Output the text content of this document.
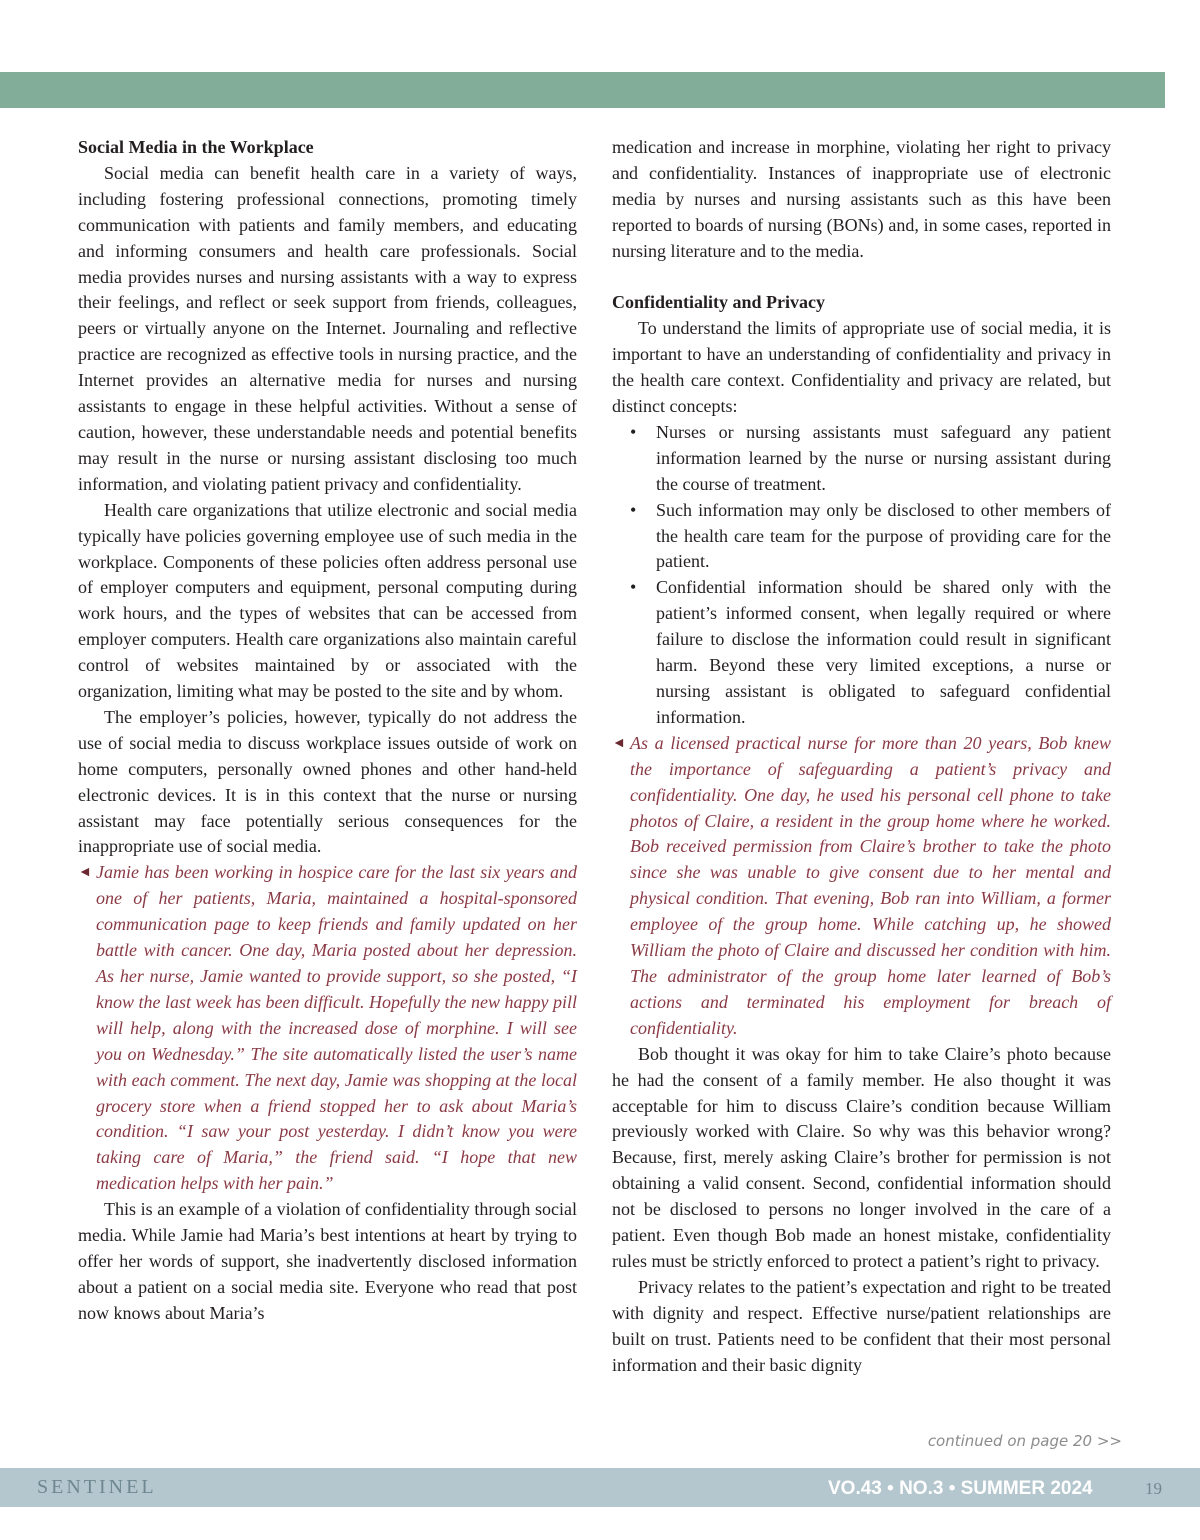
Social Media in the Workplace

Social media can benefit health care in a variety of ways, including fostering professional connections, promoting timely communication with patients and family members, and educating and informing consumers and health care professionals. Social media provides nurses and nursing assistants with a way to express their feelings, and reflect or seek support from friends, colleagues, peers or virtually anyone on the Internet. Journaling and reflective practice are recognized as effective tools in nursing practice, and the Internet provides an alternative media for nurses and nursing assistants to engage in these helpful activities. Without a sense of caution, however, these understandable needs and potential benefits may result in the nurse or nursing assistant disclosing too much information, and violating patient privacy and confidentiality.

Health care organizations that utilize electronic and social media typically have policies governing employee use of such media in the workplace. Components of these policies often address personal use of employer computers and equipment, personal computing during work hours, and the types of websites that can be accessed from employer computers. Health care organizations also maintain careful control of websites maintained by or associated with the organization, limiting what may be posted to the site and by whom.

The employer’s policies, however, typically do not address the use of social media to discuss workplace issues outside of work on home computers, personally owned phones and other hand-held electronic devices. It is in this context that the nurse or nursing assistant may face potentially serious consequences for the inappropriate use of social media.

◄ Jamie has been working in hospice care for the last six years and one of her patients, Maria, maintained a hospital-sponsored communication page to keep friends and family updated on her battle with cancer. One day, Maria posted about her depression. As her nurse, Jamie wanted to provide support, so she posted, “I know the last week has been difficult. Hopefully the new happy pill will help, along with the increased dose of morphine. I will see you on Wednesday.” The site automatically listed the user’s name with each comment. The next day, Jamie was shopping at the local grocery store when a friend stopped her to ask about Maria’s condition. “I saw your post yesterday. I didn’t know you were taking care of Maria,” the friend said. “I hope that new medication helps with her pain.”

This is an example of a violation of confidentiality through social media. While Jamie had Maria’s best intentions at heart by trying to offer her words of support, she inadvertently disclosed information about a patient on a social media site. Everyone who read that post now knows about Maria’s

medication and increase in morphine, violating her right to privacy and confidentiality. Instances of inappropriate use of electronic media by nurses and nursing assistants such as this have been reported to boards of nursing (BONs) and, in some cases, reported in nursing literature and to the media.

Confidentiality and Privacy

To understand the limits of appropriate use of social media, it is important to have an understanding of confidentiality and privacy in the health care context. Confidentiality and privacy are related, but distinct concepts:

• Nurses or nursing assistants must safeguard any patient information learned by the nurse or nursing assistant during the course of treatment.
• Such information may only be disclosed to other members of the health care team for the purpose of providing care for the patient.
• Confidential information should be shared only with the patient’s informed consent, when legally required or where failure to disclose the information could result in significant harm. Beyond these very limited exceptions, a nurse or nursing assistant is obligated to safeguard confidential information.
◄ As a licensed practical nurse for more than 20 years, Bob knew the importance of safeguarding a patient’s privacy and confidentiality. One day, he used his personal cell phone to take photos of Claire, a resident in the group home where he worked. Bob received permission from Claire’s brother to take the photo since she was unable to give consent due to her mental and physical condition. That evening, Bob ran into William, a former employee of the group home. While catching up, he showed William the photo of Claire and discussed her condition with him. The administrator of the group home later learned of Bob’s actions and terminated his employment for breach of confidentiality.

Bob thought it was okay for him to take Claire’s photo because he had the consent of a family member. He also thought it was acceptable for him to discuss Claire’s condition because William previously worked with Claire. So why was this behavior wrong? Because, first, merely asking Claire’s brother for permission is not obtaining a valid consent. Second, confidential information should not be disclosed to persons no longer involved in the care of a patient. Even though Bob made an honest mistake, confidentiality rules must be strictly enforced to protect a patient’s right to privacy.

Privacy relates to the patient’s expectation and right to be treated with dignity and respect. Effective nurse/patient relationships are built on trust. Patients need to be confident that their most personal information and their basic dignity

continued on page 20 >>
SENTINEL	VO.43 • NO.3 • SUMMER 2024	19
